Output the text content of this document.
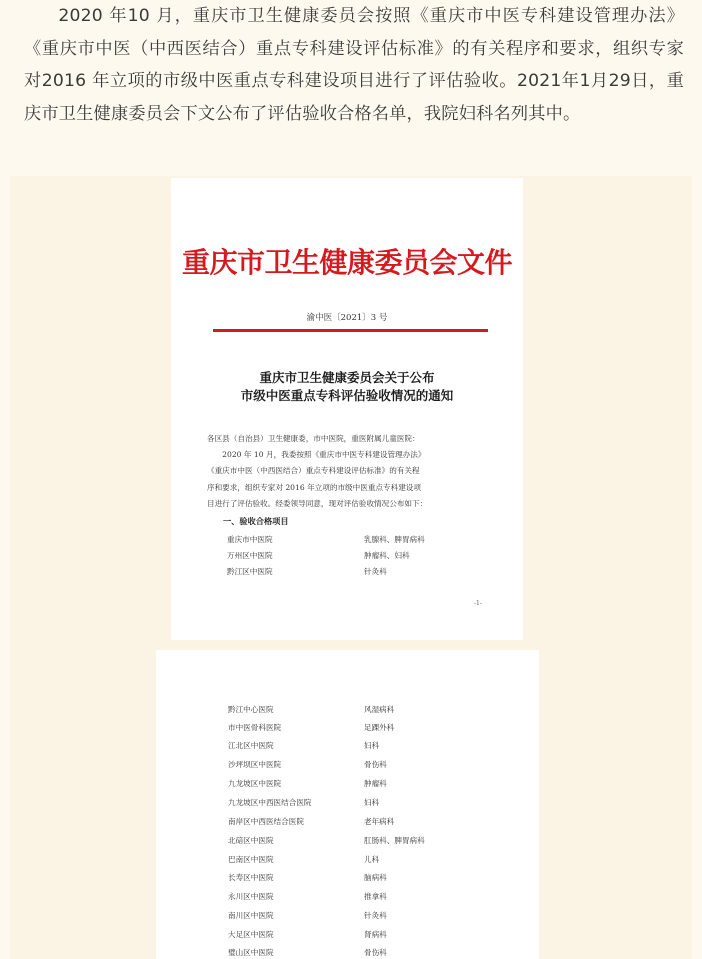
2020 年10 月，重庆市卫生健康委员会按照《重庆市中医专科建设管理办法》《重庆市中医（中西医结合）重点专科建设评估标准》的有关程序和要求，组织专家对2016 年立项的市级中医重点专科建设项目进行了评估验收。2021年1月29日，重庆市卫生健康委员会下文公布了评估验收合格名单，我院妇科名列其中。

重庆市卫生健康委员会文件
渝中医〔2021〕3 号
重庆市卫生健康委员会关于公布
市级中医重点专科评估验收情况的通知
各区县（自治县）卫生健康委，市中医院，重医附属儿童医院：
　　2020 年 10 月，我委按照《重庆市中医专科建设管理办法》
《重庆市中医（中西医结合）重点专科建设评估标准》的有关程
序和要求，组织专家对 2016 年立项的市级中医重点专科建设项
目进行了评估验收。经委领导同意，现对评估验收情况公布如下：
一、验收合格项目
重庆市中医院	乳腺科、脾胃病科
万州区中医院	肿瘤科、妇科
黔江区中医院	针灸科
-1-
黔江中心医院	风湿病科
市中医骨科医院	足踝外科
江北区中医院	妇科
沙坪坝区中医院	骨伤科
九龙坡区中医院	肿瘤科
九龙坡区中西医结合医院	妇科
南岸区中西医结合医院	老年病科
北碚区中医院	肛肠科、脾胃病科
巴南区中医院	儿科
长寿区中医院	脑病科
永川区中医院	推拿科
南川区中医院	针灸科
大足区中医院	肾病科
璧山区中医院	骨伤科
